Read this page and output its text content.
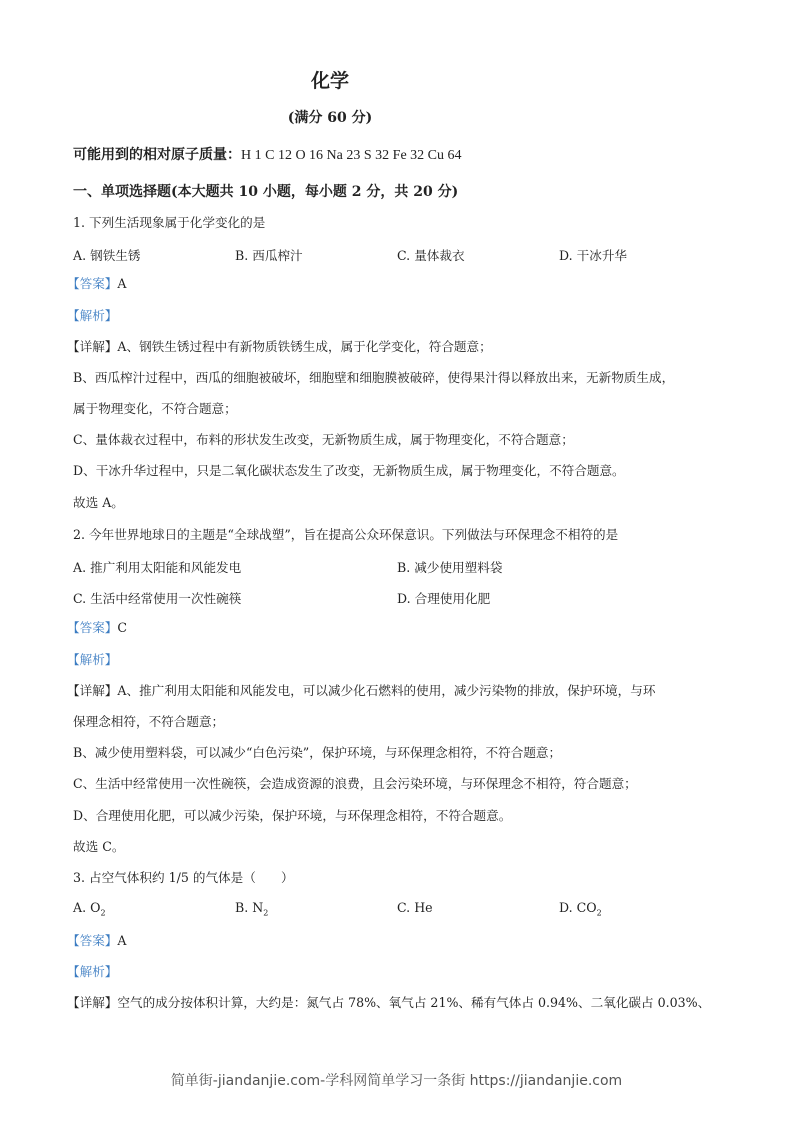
化学
(满分 60 分)
可能用到的相对原子质量：H 1 C 12 O 16 Na 23 S 32 Fe 32 Cu 64
一、单项选择题(本大题共 10 小题，每小题 2 分，共 20 分)
1. 下列生活现象属于化学变化的是
A. 钢铁生锈	B. 西瓜榨汁	C. 量体裁衣	D. 干冰升华
【答案】A
【解析】
【详解】A、钢铁生锈过程中有新物质铁锈生成，属于化学变化，符合题意；
B、西瓜榨汁过程中，西瓜的细胞被破坏，细胞壁和细胞膜被破碎，使得果汁得以释放出来，无新物质生成，
属于物理变化，不符合题意；
C、量体裁衣过程中，布料的形状发生改变，无新物质生成，属于物理变化，不符合题意；
D、干冰升华过程中，只是二氧化碳状态发生了改变，无新物质生成，属于物理变化，不符合题意。
故选 A。
2. 今年世界地球日的主题是“全球战塑”，旨在提高公众环保意识。下列做法与环保理念不相符的是
A. 推广利用太阳能和风能发电	B. 减少使用塑料袋
C. 生活中经常使用一次性碗筷	D. 合理使用化肥
【答案】C
【解析】
【详解】A、推广利用太阳能和风能发电，可以减少化石燃料的使用，减少污染物的排放，保护环境，与环
保理念相符，不符合题意；
B、减少使用塑料袋，可以减少“白色污染”，保护环境，与环保理念相符，不符合题意；
C、生活中经常使用一次性碗筷，会造成资源的浪费，且会污染环境，与环保理念不相符，符合题意；
D、合理使用化肥，可以减少污染，保护环境，与环保理念相符，不符合题意。
故选 C。
3. 占空气体积约 1/5 的气体是（　　）
A. $O_2$	B. $N_2$	C. He	D. $CO_2$
【答案】A
【解析】
【详解】空气的成分按体积计算，大约是：氮气占 78%、氧气占 21%、稀有气体占 0.94%、二氧化碳占 0.03%、
简单街-jiandanjie.com-学科网简单学习一条街 https://jiandanjie.com
